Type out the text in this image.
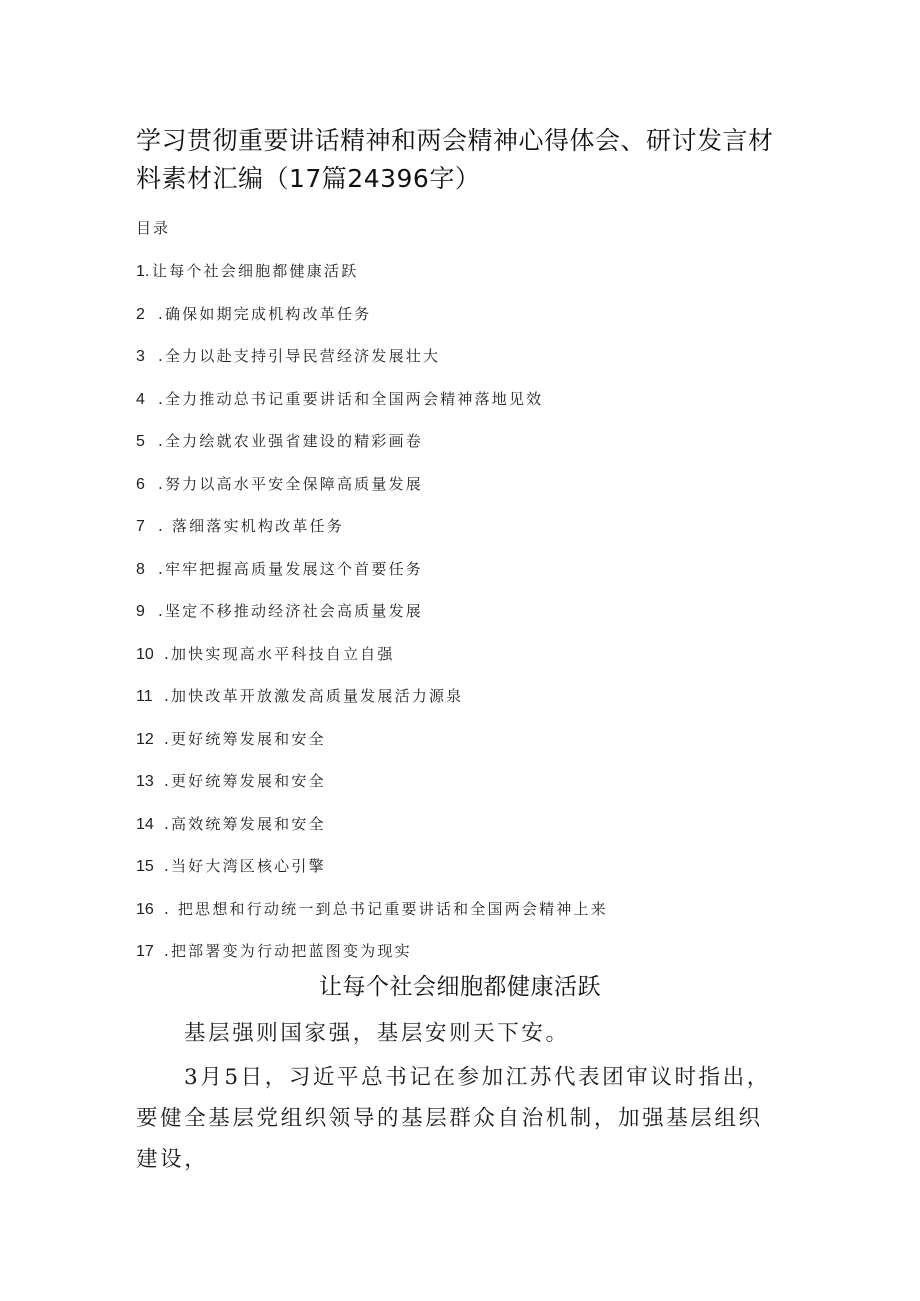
学习贯彻重要讲话精神和两会精神心得体会、研讨发言材料素材汇编（17篇24396字）
目录
1. 让每个社会细胞都健康活跃
2 .确保如期完成机构改革任务
3 .全力以赴支持引导民营经济发展壮大
4 .全力推动总书记重要讲话和全国两会精神落地见效
5 .全力绘就农业强省建设的精彩画卷
6 .努力以高水平安全保障高质量发展
7 . 落细落实机构改革任务
8 .牢牢把握高质量发展这个首要任务
9 .坚定不移推动经济社会高质量发展
10 .加快实现高水平科技自立自强
11 .加快改革开放激发高质量发展活力源泉
12 .更好统筹发展和安全
13 .更好统筹发展和安全
14 .高效统筹发展和安全
15 .当好大湾区核心引擎
16 . 把思想和行动统一到总书记重要讲话和全国两会精神上来
17 .把部署变为行动把蓝图变为现实
让每个社会细胞都健康活跃

基层强则国家强，基层安则天下安。

3月5日，习近平总书记在参加江苏代表团审议时指出，要健全基层党组织领导的基层群众自治机制，加强基层组织建设，
